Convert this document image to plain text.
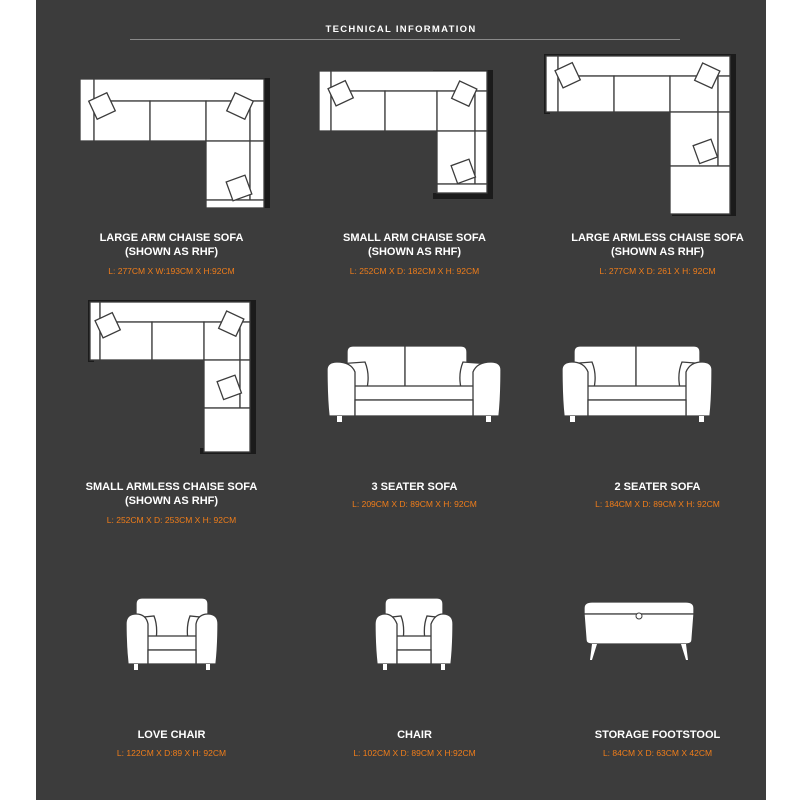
TECHNICAL INFORMATION
LARGE ARM CHAISE SOFA
(SHOWN AS RHF)
L: 277CM X W:193CM X H:92CM
SMALL ARM CHAISE SOFA
(SHOWN AS RHF)
L: 252CM X D: 182CM X H: 92CM
LARGE ARMLESS CHAISE SOFA
(SHOWN AS RHF)
L: 277CM X D: 261 X H: 92CM
SMALL ARMLESS CHAISE SOFA
(SHOWN AS RHF)
L: 252CM X D: 253CM X H: 92CM
3 SEATER SOFA
L: 209CM X D: 89CM X H: 92CM
2 SEATER SOFA
L: 184CM X D: 89CM X H: 92CM
LOVE CHAIR
L: 122CM X D:89 X H: 92CM
CHAIR
L: 102CM X D: 89CM X H:92CM
STORAGE FOOTSTOOL
L: 84CM X D: 63CM X 42CM
